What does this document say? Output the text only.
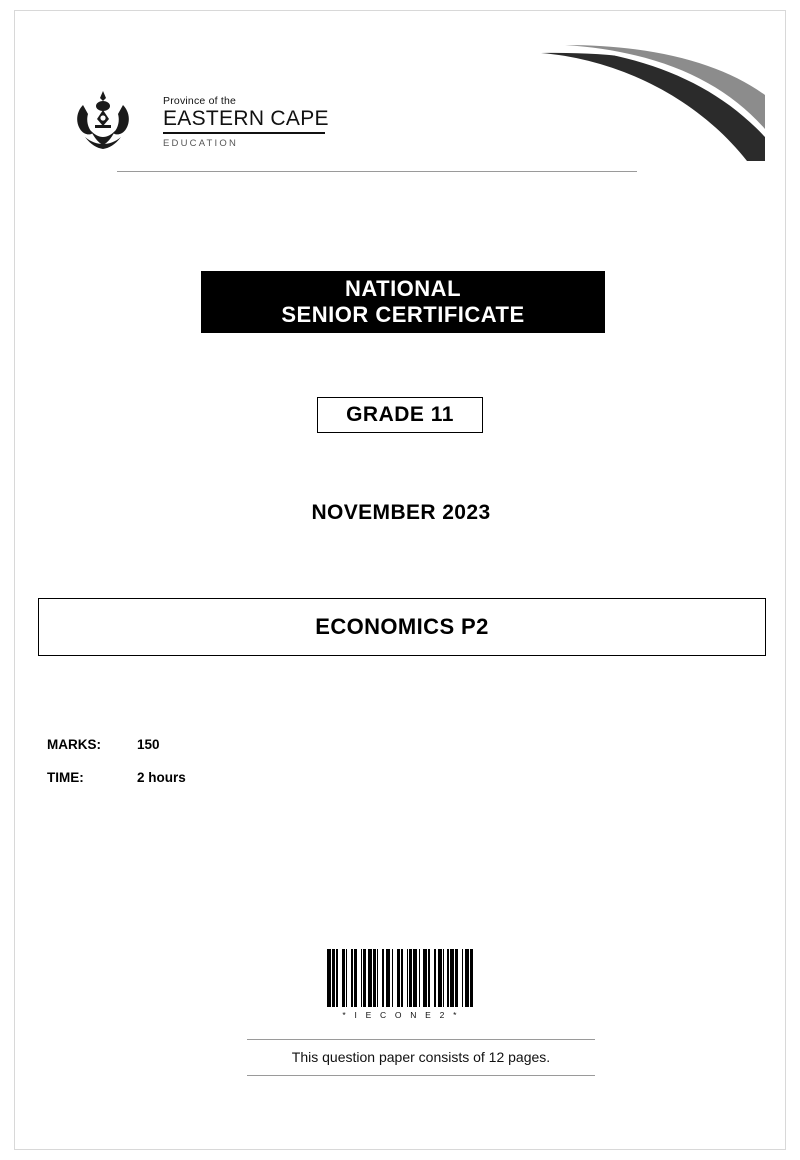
Province of the
EASTERN CAPE
EDUCATION
NATIONAL
SENIOR CERTIFICATE
GRADE 11
NOVEMBER 2023
ECONOMICS P2
MARKS:	150
TIME:	2 hours
* I E C O N E 2 *
This question paper consists of 12 pages.
